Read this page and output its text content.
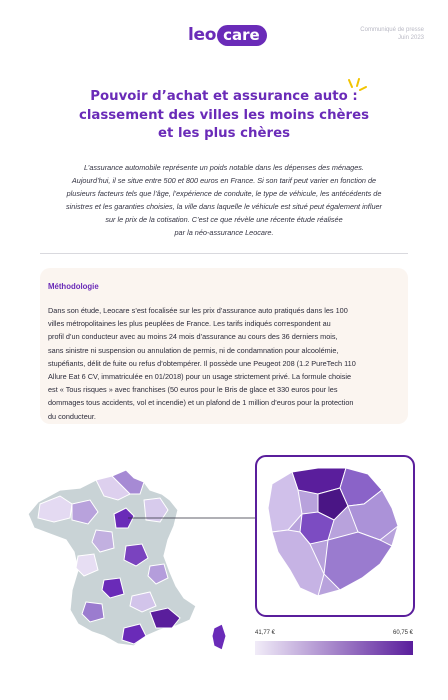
leo care	Communiqué de presse
Juin 2023
Pouvoir d’achat et assurance auto :
classement des villes les moins chères
et les plus chères

L’assurance automobile représente un poids notable dans les dépenses des ménages.
Aujourd’hui, il se situe entre 500 et 800 euros en France. Si son tarif peut varier en fonction de
plusieurs facteurs tels que l’âge, l’expérience de conduite, le type de véhicule, les antécédents de
sinistres et les garanties choisies, la ville dans laquelle le véhicule est situé peut également influer
sur le prix de la cotisation. C’est ce que révèle une récente étude réalisée
par la néo-assurance Leocare.

Méthodologie
Dans son étude, Leocare s’est focalisée sur les prix d’assurance auto pratiqués dans les 100
villes métropolitaines les plus peuplées de France. Les tarifs indiqués correspondent au
profil d’un conducteur avec au moins 24 mois d’assurance au cours des 36 derniers mois,
sans sinistre ni suspension ou annulation de permis, ni de condamnation pour alcoolémie,
stupéfiants, délit de fuite ou refus d’obtempérer. Il possède une Peugeot 208 (1.2 PureTech 110
Allure Eat 6 CV, immatriculée en 01/2018) pour un usage strictement privé. La formule choisie
est « Tous risques » avec franchises (50 euros pour le Bris de glace et 330 euros pour les
dommages tous accidents, vol et incendie) et un plafond de 1 million d’euros pour la protection
du conducteur.
41,77 €	60,75 €
